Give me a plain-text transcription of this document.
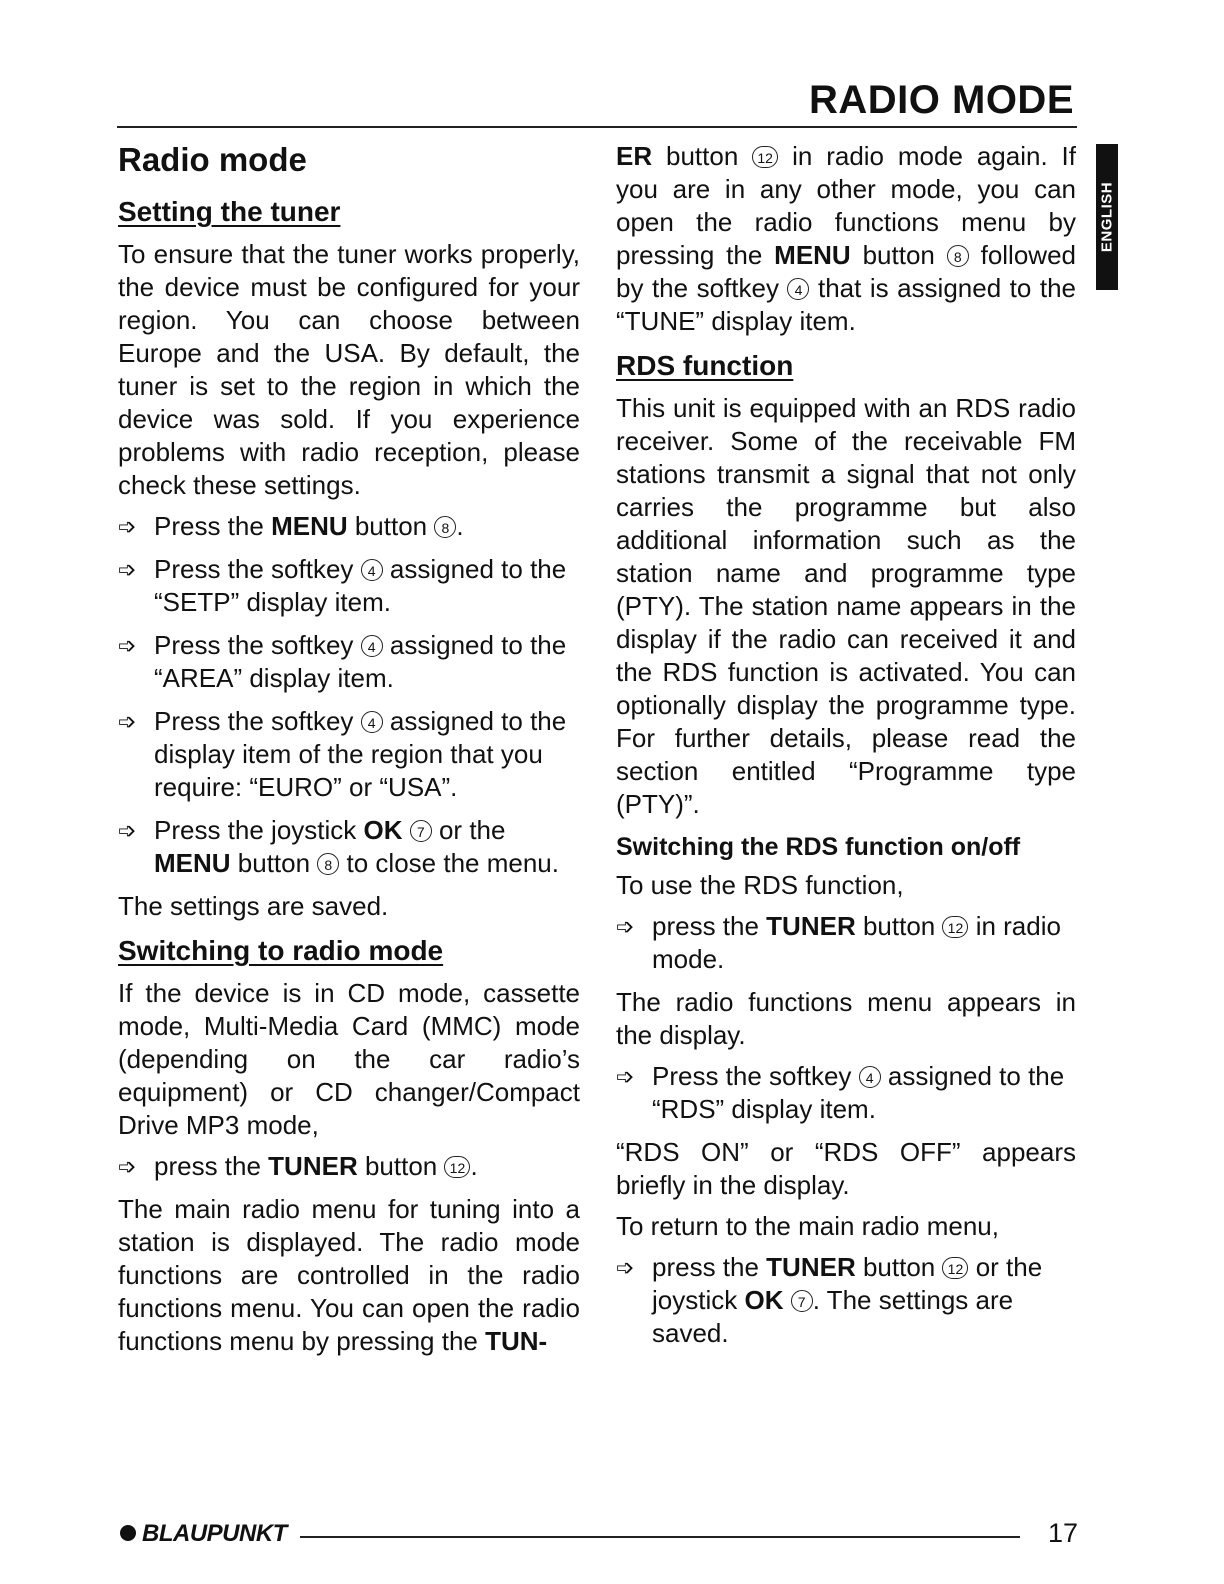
RADIO MODE
ENGLISH
Radio mode
Setting the tuner

To ensure that the tuner works properly, the device must be configured for your region. You can choose between Europe and the USA. By default, the tuner is set to the region in which the device was sold. If you experience problems with radio reception, please check these settings.

➩ Press the MENU button 8 .
➩ Press the softkey 4 assigned to the “SETP” display item.
➩ Press the softkey 4 assigned to the “AREA” display item.
➩ Press the softkey 4 assigned to the display item of the region that you require: “EURO” or “USA”.
➩ Press the joystick OK 7 or the MENU button 8 to close the menu.

The settings are saved.

Switching to radio mode

If the device is in CD mode, cassette mode, Multi-Media Card (MMC) mode (depending on the car radio’s equipment) or CD changer/Compact Drive MP3 mode,

➩ press the TUNER button 12 .

The main radio menu for tuning into a station is displayed. The radio mode functions are controlled in the radio functions menu. You can open the radio functions menu by pressing the TUN-

ER button 12 in radio mode again. If you are in any other mode, you can open the radio functions menu by pressing the MENU button 8 followed by the softkey 4 that is assigned to the “TUNE” display item.

RDS function

This unit is equipped with an RDS radio receiver. Some of the receivable FM stations transmit a signal that not only carries the programme but also additional information such as the station name and programme type (PTY). The station name appears in the display if the radio can received it and the RDS function is activated. You can optionally display the programme type. For further details, please read the section entitled “Programme type (PTY)”.

Switching the RDS function on/off

To use the RDS function,

➩ press the TUNER button 12 in radio mode.

The radio functions menu appears in the display.

➩ Press the softkey 4 assigned to the “RDS” display item.

“RDS ON” or “RDS OFF” appears briefly in the display.

To return to the main radio menu,

➩ press the TUNER button 12 or the joystick OK 7 . The settings are saved.
BLAUPUNKT	17
